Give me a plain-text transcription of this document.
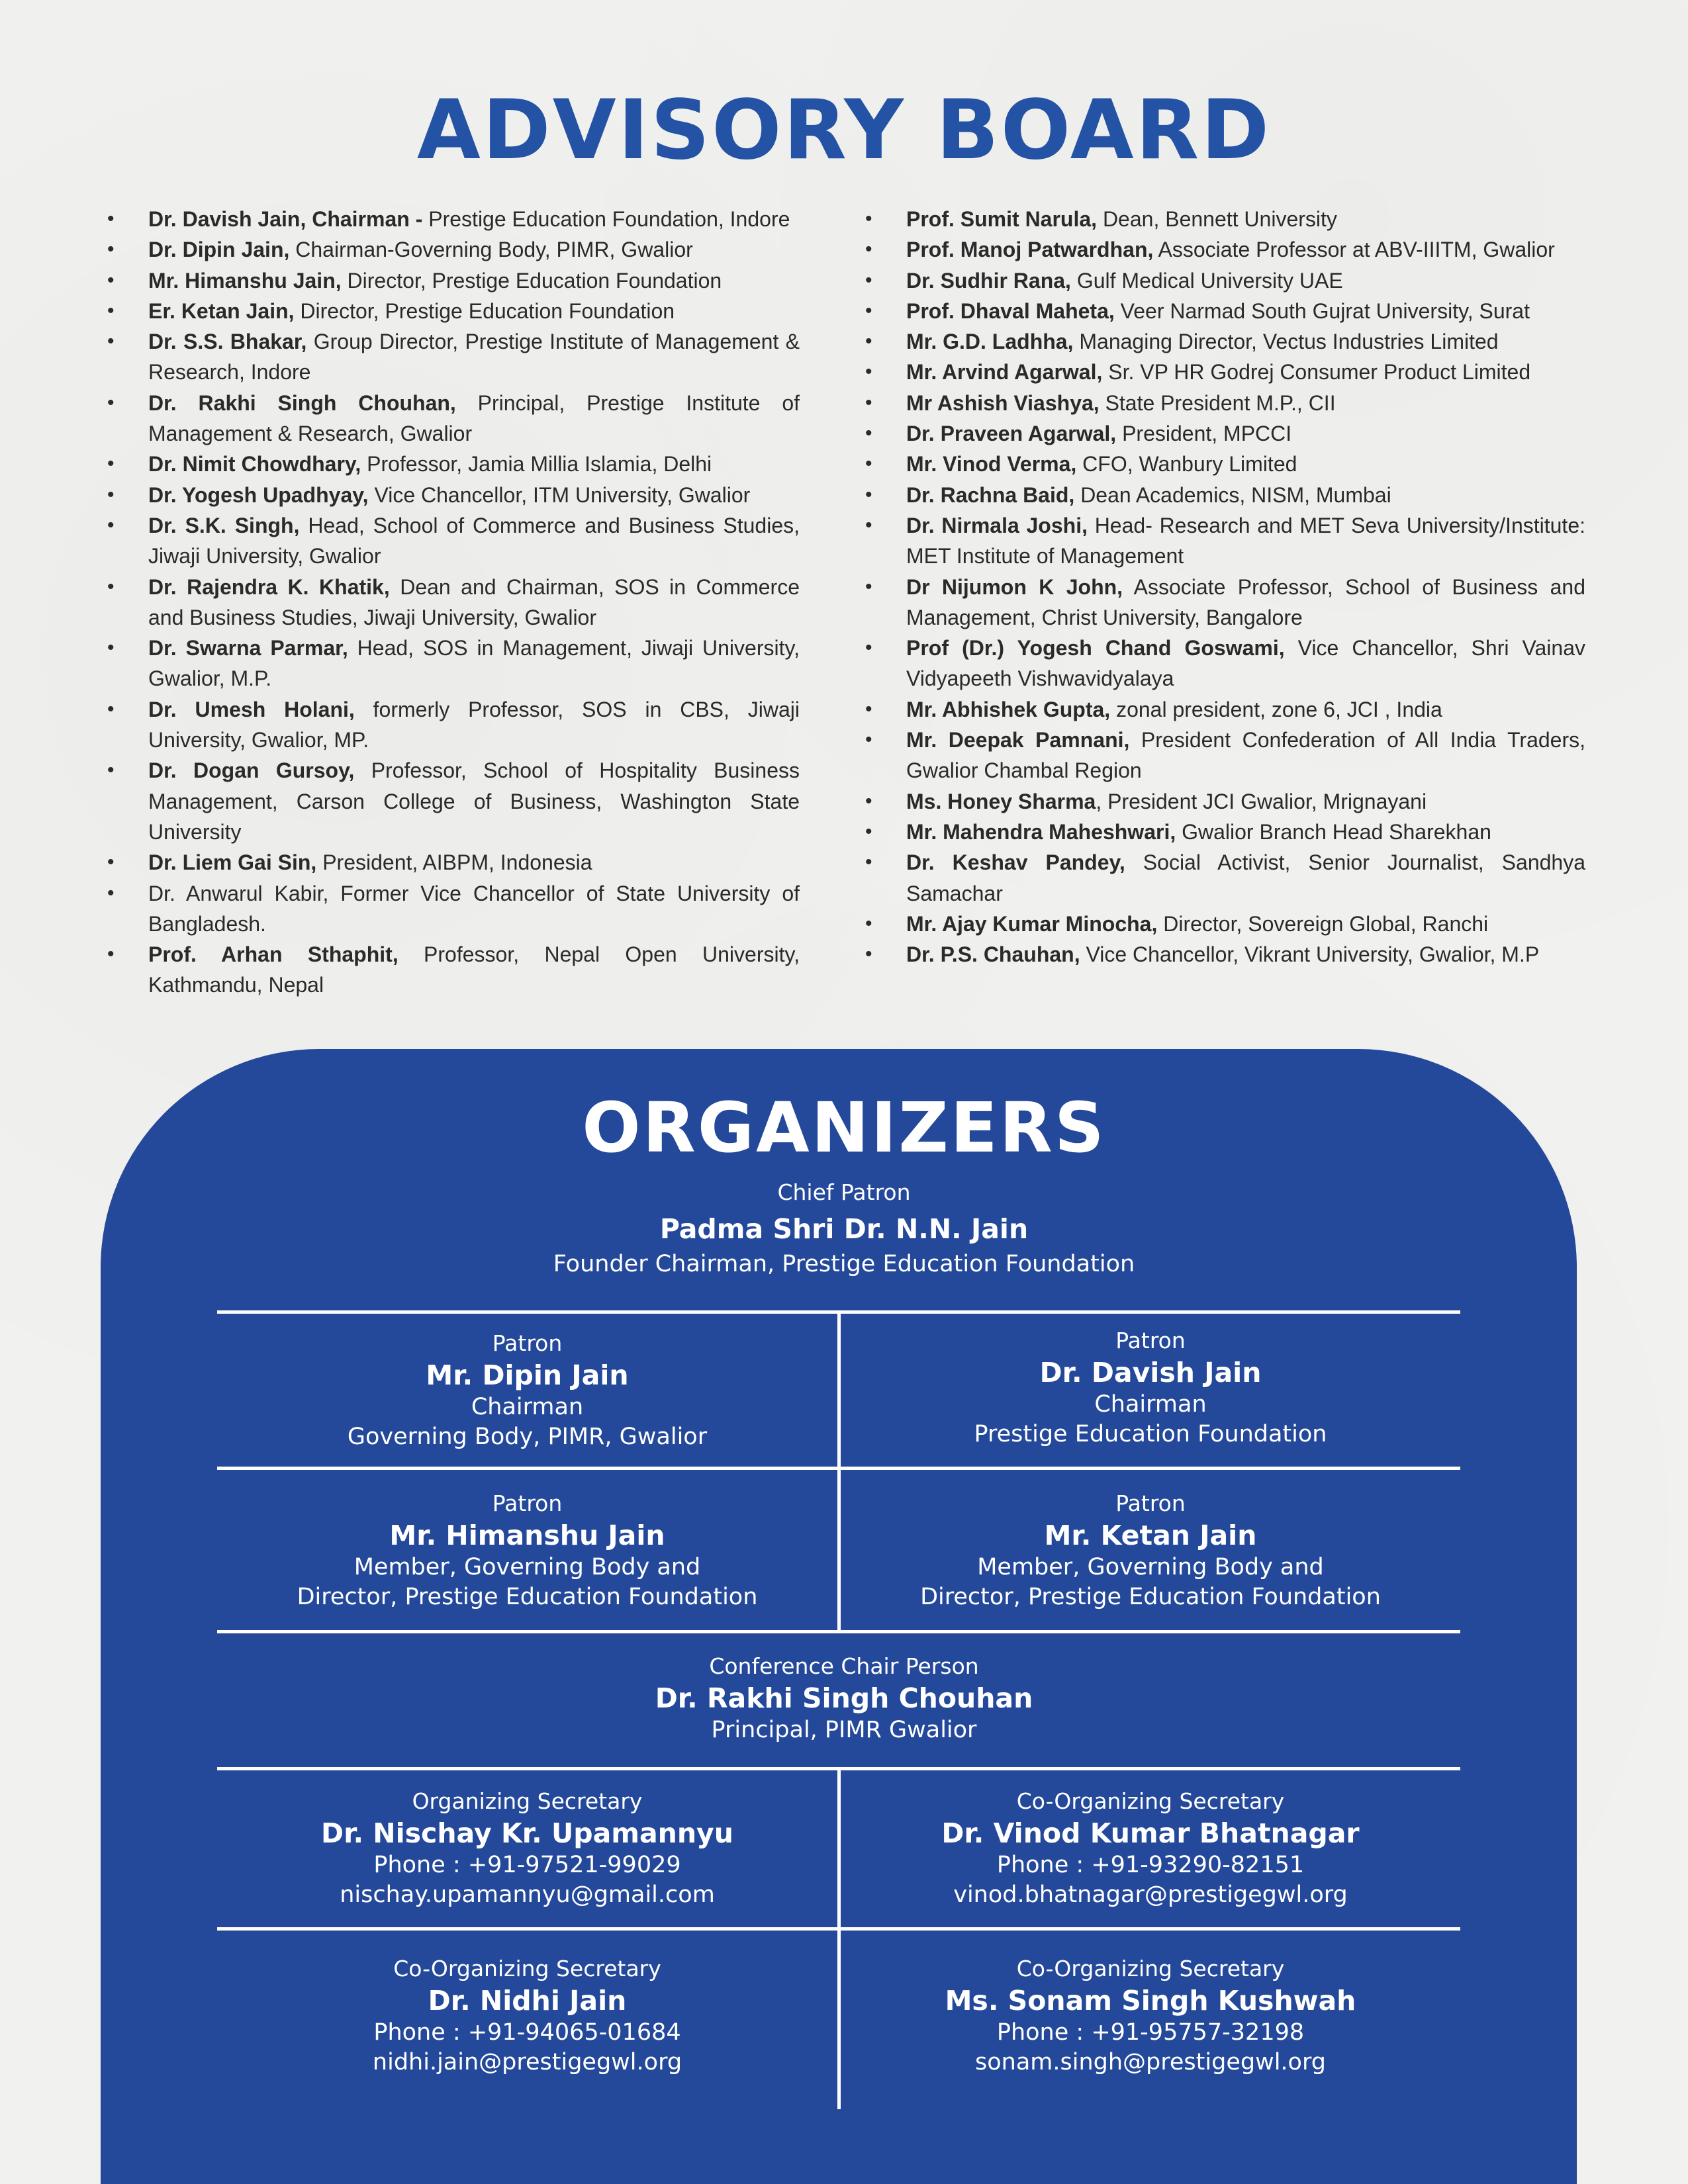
ADVISORY BOARD
• Dr. Davish Jain, Chairman - Prestige Education Foundation, Indore
• Dr. Dipin Jain, Chairman-Governing Body, PIMR, Gwalior
• Mr. Himanshu Jain, Director, Prestige Education Foundation
• Er. Ketan Jain, Director, Prestige Education Foundation
• Dr. S.S. Bhakar, Group Director, Prestige Institute of Management & Research, Indore
• Dr. Rakhi Singh Chouhan, Principal, Prestige Institute of Management & Research, Gwalior
• Dr. Nimit Chowdhary, Professor, Jamia Millia Islamia, Delhi
• Dr. Yogesh Upadhyay, Vice Chancellor, ITM University, Gwalior
• Dr. S.K. Singh, Head, School of Commerce and Business Studies, Jiwaji University, Gwalior
• Dr. Rajendra K. Khatik, Dean and Chairman, SOS in Commerce and Business Studies, Jiwaji University, Gwalior
• Dr. Swarna Parmar, Head, SOS in Management, Jiwaji University, Gwalior, M.P.
• Dr. Umesh Holani, formerly Professor, SOS in CBS, Jiwaji University, Gwalior, MP.
• Dr. Dogan Gursoy, Professor, School of Hospitality Business Management, Carson College of Business, Washington State University
• Dr. Liem Gai Sin, President, AIBPM, Indonesia
• Dr. Anwarul Kabir, Former Vice Chancellor of State University of Bangladesh.
• Prof. Arhan Sthaphit, Professor, Nepal Open University, Kathmandu, Nepal
• Prof. Sumit Narula, Dean, Bennett University
• Prof. Manoj Patwardhan, Associate Professor at ABV-IIITM, Gwalior
• Dr. Sudhir Rana, Gulf Medical University UAE
• Prof. Dhaval Maheta, Veer Narmad South Gujrat University, Surat
• Mr. G.D. Ladhha, Managing Director, Vectus Industries Limited
• Mr. Arvind Agarwal, Sr. VP HR Godrej Consumer Product Limited
• Mr Ashish Viashya, State President M.P., CII
• Dr. Praveen Agarwal, President, MPCCI
• Mr. Vinod Verma, CFO, Wanbury Limited
• Dr. Rachna Baid, Dean Academics, NISM, Mumbai
• Dr. Nirmala Joshi, Head- Research and MET Seva University/Institute: MET Institute of Management
• Dr Nijumon K John, Associate Professor, School of Business and Management, Christ University, Bangalore
• Prof (Dr.) Yogesh Chand Goswami, Vice Chancellor, Shri Vainav Vidyapeeth Vishwavidyalaya
• Mr. Abhishek Gupta, zonal president, zone 6, JCI , India
• Mr. Deepak Pamnani, President Confederation of All India Traders, Gwalior Chambal Region
• Ms. Honey Sharma, President JCI Gwalior, Mrignayani
• Mr. Mahendra Maheshwari, Gwalior Branch Head Sharekhan
• Dr. Keshav Pandey, Social Activist, Senior Journalist, Sandhya Samachar
• Mr. Ajay Kumar Minocha, Director, Sovereign Global, Ranchi
• Dr. P.S. Chauhan, Vice Chancellor, Vikrant University, Gwalior, M.P
ORGANIZERS
Chief Patron
Padma Shri Dr. N.N. Jain
Founder Chairman, Prestige Education Foundation
Patron
Mr. Dipin Jain
Chairman
Governing Body, PIMR, Gwalior
Patron
Dr. Davish Jain
Chairman
Prestige Education Foundation
Patron
Mr. Himanshu Jain
Member, Governing Body and
Director, Prestige Education Foundation
Patron
Mr. Ketan Jain
Member, Governing Body and
Director, Prestige Education Foundation
Conference Chair Person
Dr. Rakhi Singh Chouhan
Principal, PIMR Gwalior
Organizing Secretary
Dr. Nischay Kr. Upamannyu
Phone : +91-97521-99029
nischay.upamannyu@gmail.com
Co-Organizing Secretary
Dr. Vinod Kumar Bhatnagar
Phone : +91-93290-82151
vinod.bhatnagar@prestigegwl.org
Co-Organizing Secretary
Dr. Nidhi Jain
Phone : +91-94065-01684
nidhi.jain@prestigegwl.org
Co-Organizing Secretary
Ms. Sonam Singh Kushwah
Phone : +91-95757-32198
sonam.singh@prestigegwl.org
